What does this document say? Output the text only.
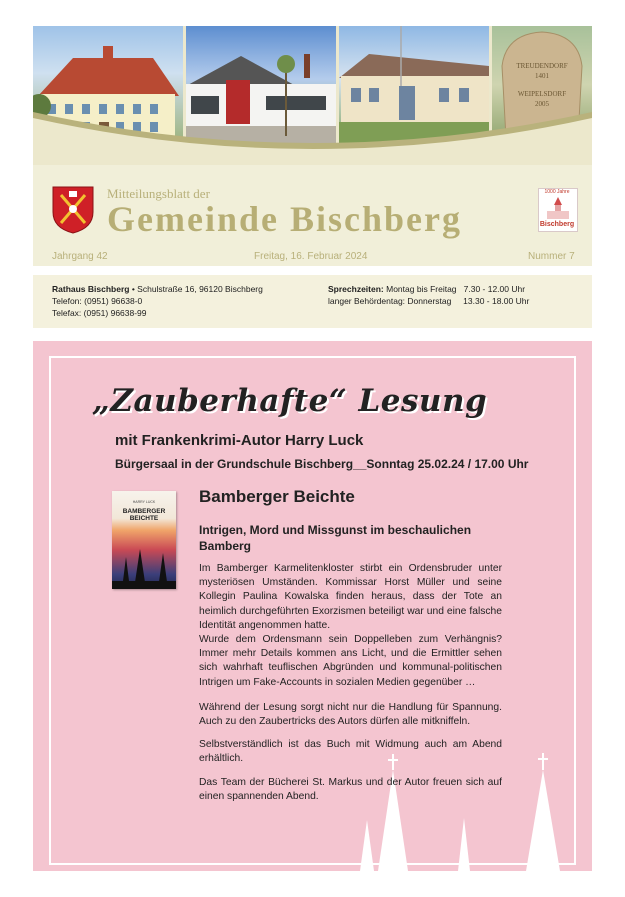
TREUDENDORF
1401
WEIPELSDORF
2005
Mitteilungsblatt der
Gemeinde Bischberg
1000 Jahre
Bischberg
Jahrgang 42	Freitag, 16. Februar 2024	Nummer 7
Rathaus Bischberg • Schulstraße 16, 96120 Bischberg
Telefon: (0951) 96638-0
Telefax: (0951) 96638-99
Sprechzeiten: Montag bis Freitag 7.30 - 12.00 Uhr
langer Behördentag: Donnerstag 13.30 - 18.00 Uhr
„Zauberhafte“ Lesung
mit Frankenkrimi-Autor Harry Luck
Bürgersaal in der Grundschule Bischberg__Sonntag 25.02.24 / 17.00 Uhr
HARRY LUCK
BAMBERGER BEICHTE
Bamberger Beichte
Intrigen, Mord und Missgunst im beschaulichen Bamberg

Im Bamberger Karmelitenkloster stirbt ein Ordensbruder unter mysteriösen Umständen. Kommissar Horst Müller und seine Kollegin Paulina Kowalska finden heraus, dass der Tote an heimlich durchgeführten Exorzismen beteiligt war und eine falsche Identität angenommen hatte.

Wurde dem Ordensmann sein Doppelleben zum Verhängnis? Immer mehr Details kommen ans Licht, und die Ermittler sehen sich wahrhaft teuflischen Abgründen und kommunal-politischen Intrigen um Fake-Accounts in sozialen Medien gegenüber …

Während der Lesung sorgt nicht nur die Handlung für Spannung. Auch zu den Zaubertricks des Autors dürfen alle mitkniffeln.

Selbstverständlich ist das Buch mit Widmung auch am Abend erhältlich.

Das Team der Bücherei St. Markus und der Autor freuen sich auf einen spannenden Abend.
